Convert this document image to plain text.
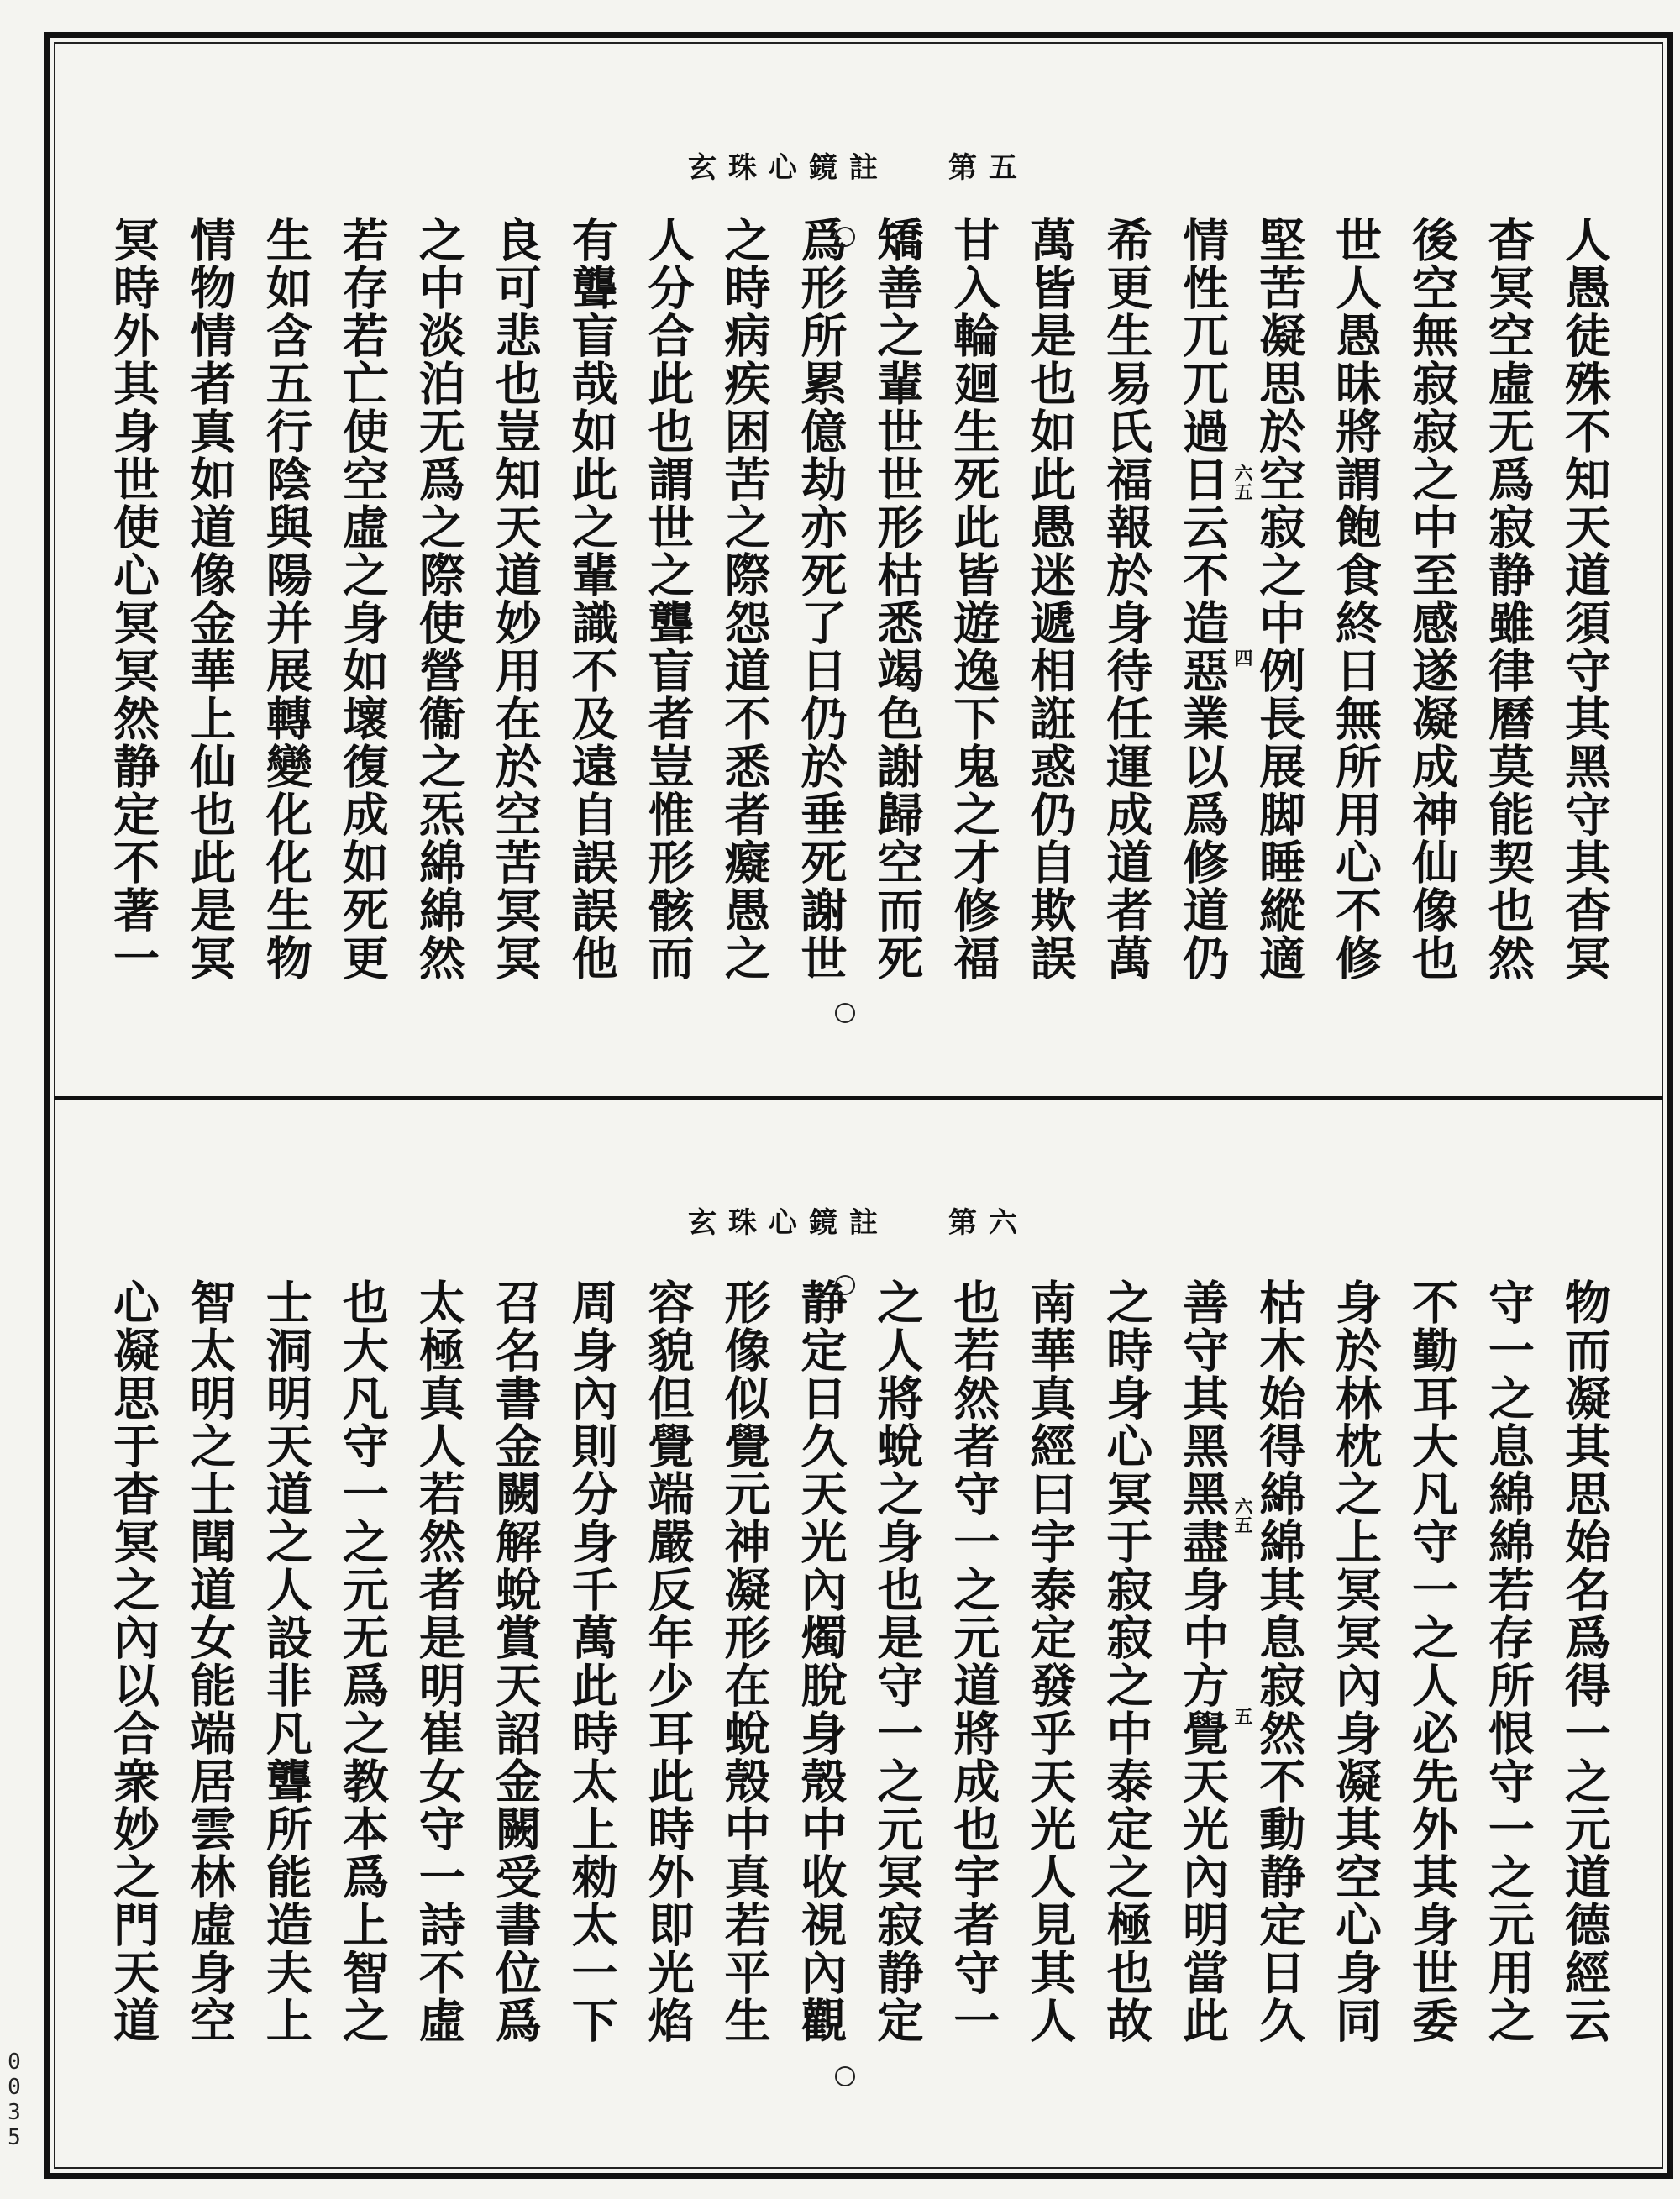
玄珠心鏡註 第五
人愚徒殊不知天道須守其黑守其杳冥
杳冥空虛无爲寂静雖律曆莫能契也然
後空無寂寂之中至感遂凝成神仙像也
世人愚昧將謂飽食終日無所用心不修
堅苦凝思於空寂之中例長展脚睡縱適
情性兀兀過日云不造惡業以爲修道仍
希更生易氏福報於身待任運成道者萬
萬皆是也如此愚迷遞相誑惑仍自欺誤
甘入輪廻生死此皆遊逸下鬼之才修福
矯善之輩世世形枯悉竭色謝歸空而死
爲形所累億劫亦死了日仍於垂死謝世
之時病疾困苦之際怨道不悉者癡愚之
人分合此也謂世之聾盲者豈惟形骸而
有聾盲哉如此之輩識不及遠自誤誤他
良可悲也豈知天道妙用在於空苦冥冥
之中淡泊无爲之際使營衞之炁綿綿然
若存若亡使空虛之身如壞復成如死更
生如含五行陰與陽并展轉變化化生物
情物情者真如道像金華上仙也此是冥
冥時外其身世使心冥冥然静定不著一	六五
四
玄珠心鏡註 第六
物而凝其思始名爲得一之元道德經云
守一之息綿綿若存所恨守一之元用之
不勤耳大凡守一之人必先外其身世委
身於林枕之上冥冥內身凝其空心身同
枯木始得綿綿其息寂然不動静定日久
善守其黑黑盡身中方覺天光內明當此
之時身心冥于寂寂之中泰定之極也故
南華真經曰宇泰定發乎天光人見其人
也若然者守一之元道將成也宇者守一
之人將蛻之身也是守一之元冥寂静定
静定日久天光內燭脫身殼中收視內觀
形像似覺元神凝形在蛻殼中真若平生
容貌但覺端嚴反年少耳此時外即光焰
周身內則分身千萬此時太上勑太一下
召名書金闕解蛻賞天詔金闕受書位爲
太極真人若然者是明崔女守一詩不虛
也大凡守一之元无爲之教本爲上智之
士洞明天道之人設非凡聾所能造夫上
智太明之士聞道女能端居雲林虛身空
心凝思于杳冥之內以合衆妙之門天道	六五
五
0035
